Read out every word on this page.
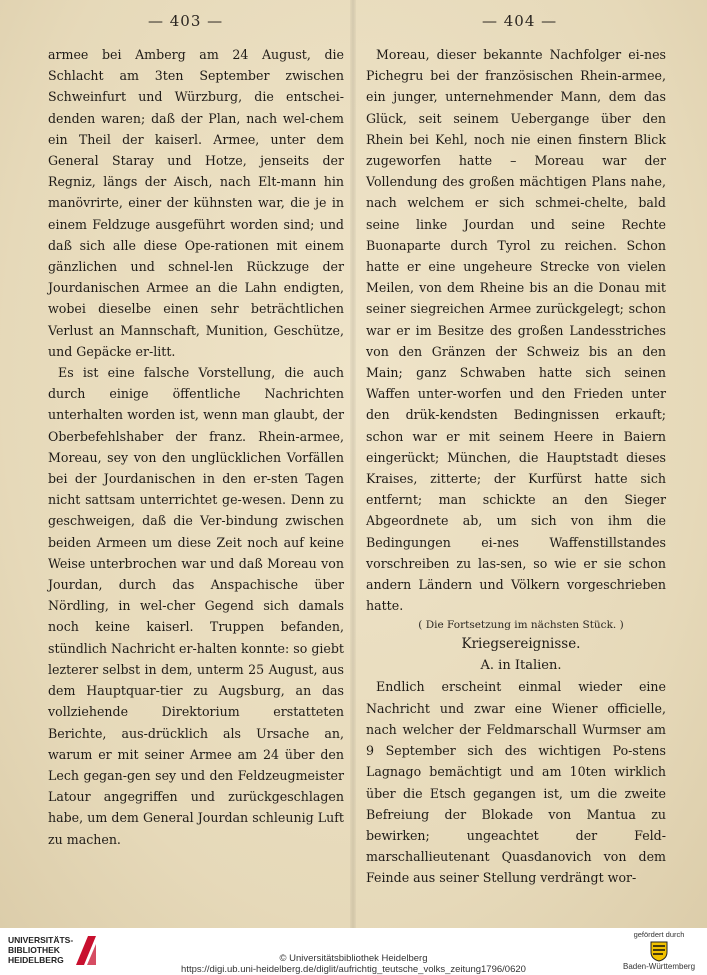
— 403 —	— 404 —

armee bei Amberg am 24 August, die Schlacht am 3ten September zwischen Schweinfurt und Würzburg, die entschei-denden waren; daß der Plan, nach wel-chem ein Theil der kaiserl. Armee, unter dem General Staray und Hotze, jenseits der Regniz, längs der Aisch, nach Elt-mann hin manövrirte, einer der kühnsten war, die je in einem Feldzuge ausgeführt worden sind; und daß sich alle diese Ope-rationen mit einem gänzlichen und schnel-len Rückzuge der Jourdanischen Armee an die Lahn endigten, wobei dieselbe einen sehr beträchtlichen Verlust an Mannschaft, Munition, Geschütze, und Gepäcke er-litt.

Es ist eine falsche Vorstellung, die auch durch einige öffentliche Nachrichten unterhalten worden ist, wenn man glaubt, der Oberbefehlshaber der franz. Rhein-armee, Moreau, sey von den unglücklichen Vorfällen bei der Jourdanischen in den er-sten Tagen nicht sattsam unterrichtet ge-wesen. Denn zu geschweigen, daß die Ver-bindung zwischen beiden Armeen um diese Zeit noch auf keine Weise unterbrochen war und daß Moreau von Jourdan, durch das Anspachische über Nördling, in wel-cher Gegend sich damals noch keine kaiserl. Truppen befanden, stündlich Nachricht er-halten konnte: so giebt lezterer selbst in dem, unterm 25 August, aus dem Hauptquar-tier zu Augsburg, an das vollziehende Direktorium erstatteten Berichte, aus-drücklich als Ursache an, warum er mit seiner Armee am 24 über den Lech gegan-gen sey und den Feldzeugmeister Latour angegriffen und zurückgeschlagen habe, um dem General Jourdan schleunig Luft zu machen.

Moreau, dieser bekannte Nachfolger ei-nes Pichegru bei der französischen Rhein-armee, ein junger, unternehmender Mann, dem das Glück, seit seinem Uebergange über den Rhein bei Kehl, noch nie einen finstern Blick zugeworfen hatte – Moreau war der Vollendung des großen mächtigen Plans nahe, nach welchem er sich schmei-chelte, bald seine linke Jourdan und seine Rechte Buonaparte durch Tyrol zu reichen. Schon hatte er eine ungeheure Strecke von vielen Meilen, von dem Rheine bis an die Donau mit seiner siegreichen Armee zurückgelegt; schon war er im Besitze des großen Landesstriches von den Gränzen der Schweiz bis an den Main; ganz Schwaben hatte sich seinen Waffen unter-worfen und den Frieden unter den drük-kendsten Bedingnissen erkauft; schon war er mit seinem Heere in Baiern eingerückt; München, die Hauptstadt dieses Kraises, zitterte; der Kurfürst hatte sich entfernt; man schickte an den Sieger Abgeordnete ab, um sich von ihm die Bedingungen ei-nes Waffenstillstandes vorschreiben zu las-sen, so wie er sie schon andern Ländern und Völkern vorgeschrieben hatte.

( Die Fortsetzung im nächsten Stück. )

Kriegsereignisse.

A. in Italien.

Endlich erscheint einmal wieder eine Nachricht und zwar eine Wiener officielle, nach welcher der Feldmarschall Wurmser am 9 September sich des wichtigen Po-stens Lagnago bemächtigt und am 10ten wirklich über die Etsch gegangen ist, um die zweite Befreiung der Blokade von Mantua zu bewirken; ungeachtet der Feld-marschallieutenant Quasdanovich von dem Feinde aus seiner Stellung verdrängt wor-

UNIVERSITÄTS-
BIBLIOTHEK
HEIDELBERG	© Universitätsbibliothek Heidelberg
https://digi.ub.uni-heidelberg.de/diglit/aufrichtig_teutsche_volks_zeitung1796/0620
gefördert durch
Baden-Württemberg
